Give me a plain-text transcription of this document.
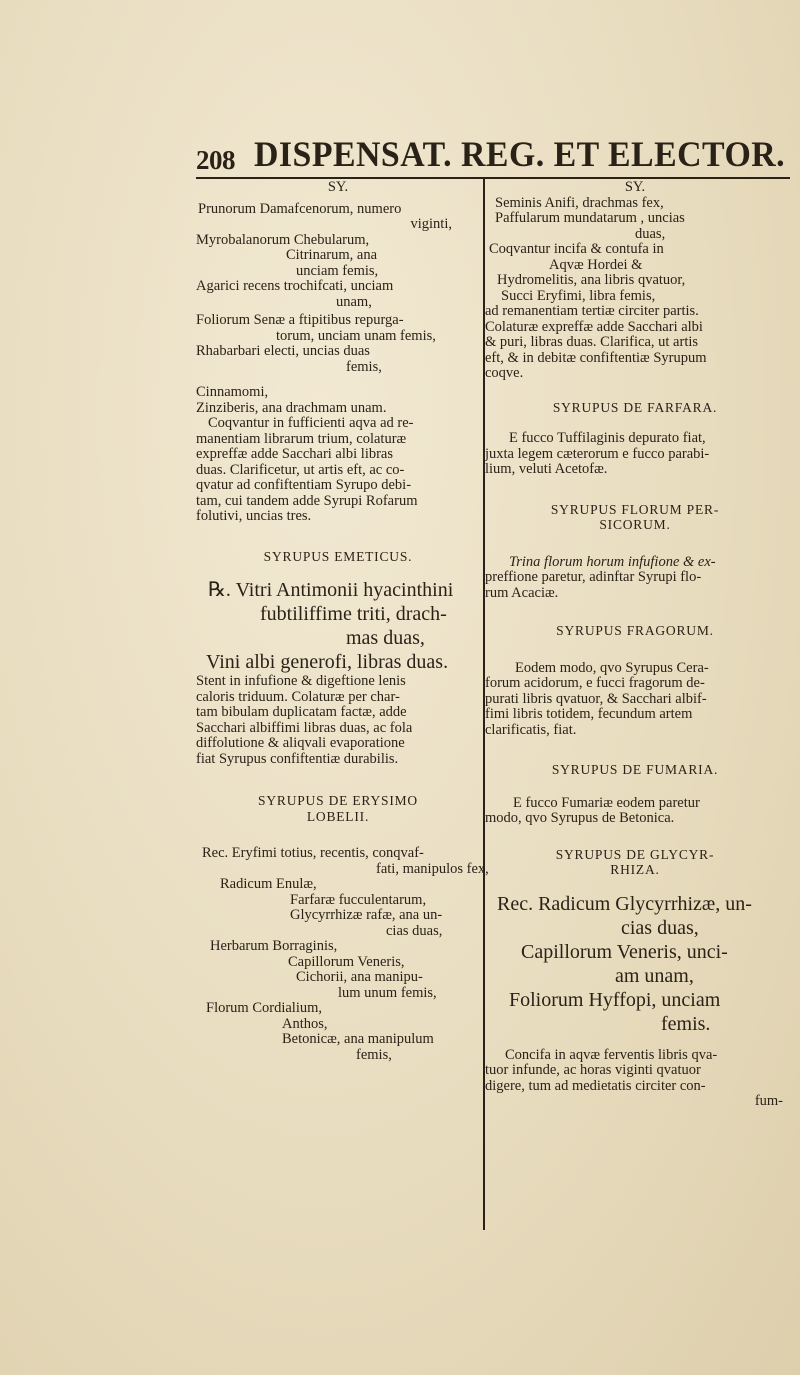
208 DISPENSAT. REG. ET ELECTOR.
SY.
Prunorum Damafcenorum, numero
viginti,
Myrobalanorum Chebularum,
Citrinarum, ana
unciam femis,
Agarici recens trochifcati, unciam
unam,
Foliorum Senæ a ftipitibus repurga-
torum, unciam unam femis,
Rhabarbari electi, uncias duas
femis,
Cinnamomi,
Zinziberis, ana drachmam unam.
Coqvantur in fufficienti aqva ad re-
manentiam librarum trium, colaturæ
expreffæ adde Sacchari albi libras
duas. Clarificetur, ut artis eft, ac co-
qvatur ad confiftentiam Syrupo debi-
tam, cui tandem adde Syrupi Rofarum
folutivi, uncias tres.
SYRUPUS EMETICUS.
℞. Vitri Antimonii hyacinthini
fubtiliffime triti, drach-
mas duas,
Vini albi generofi, libras duas.
Stent in infufione & digeftione lenis
caloris triduum. Colaturæ per char-
tam bibulam duplicatam factæ, adde
Sacchari albiffimi libras duas, ac fola
diffolutione & aliqvali evaporatione
fiat Syrupus confiftentiæ durabilis.
SYRUPUS DE ERYSIMO
LOBELII.
Rec. Eryfimi totius, recentis, conqvaf-
fati, manipulos fex,
Radicum Enulæ,
Farfaræ fucculentarum,
Glycyrrhizæ rafæ, ana un-
cias duas,
Herbarum Borraginis,
Capillorum Veneris,
Cichorii, ana manipu-
lum unum femis,
Florum Cordialium,
Anthos,
Betonicæ, ana manipulum
femis,
SY.
Seminis Anifi, drachmas fex,
Paffularum mundatarum , uncias
duas,
Coqvantur incifa & contufa in
Aqvæ Hordei &
Hydromelitis, ana libris qvatuor,
Succi Eryfimi, libra femis,
ad remanentiam tertiæ circiter partis.
Colaturæ expreffæ adde Sacchari albi
& puri, libras duas. Clarifica, ut artis
eft, & in debitæ confiftentiæ Syrupum
coqve.
SYRUPUS DE FARFARA.
E fucco Tuffilaginis depurato fiat,
juxta legem cæterorum e fucco parabi-
lium, veluti Acetofæ.
SYRUPUS FLORUM PER-
SICORUM.
Trina florum horum infufione & ex-
preffione paretur, adinftar Syrupi flo-
rum Acaciæ.
SYRUPUS FRAGORUM.
Eodem modo, qvo Syrupus Cera-
forum acidorum, e fucci fragorum de-
purati libris qvatuor, & Sacchari albif-
fimi libris totidem, fecundum artem
clarificatis, fiat.
SYRUPUS DE FUMARIA.
E fucco Fumariæ eodem paretur
modo, qvo Syrupus de Betonica.
SYRUPUS DE GLYCYR-
RHIZA.
Rec. Radicum Glycyrrhizæ, un-
cias duas,
Capillorum Veneris, unci-
am unam,
Foliorum Hyffopi, unciam
femis.
Concifa in aqvæ ferventis libris qva-
tuor infunde, ac horas viginti qvatuor
digere, tum ad medietatis circiter con-
fum-
